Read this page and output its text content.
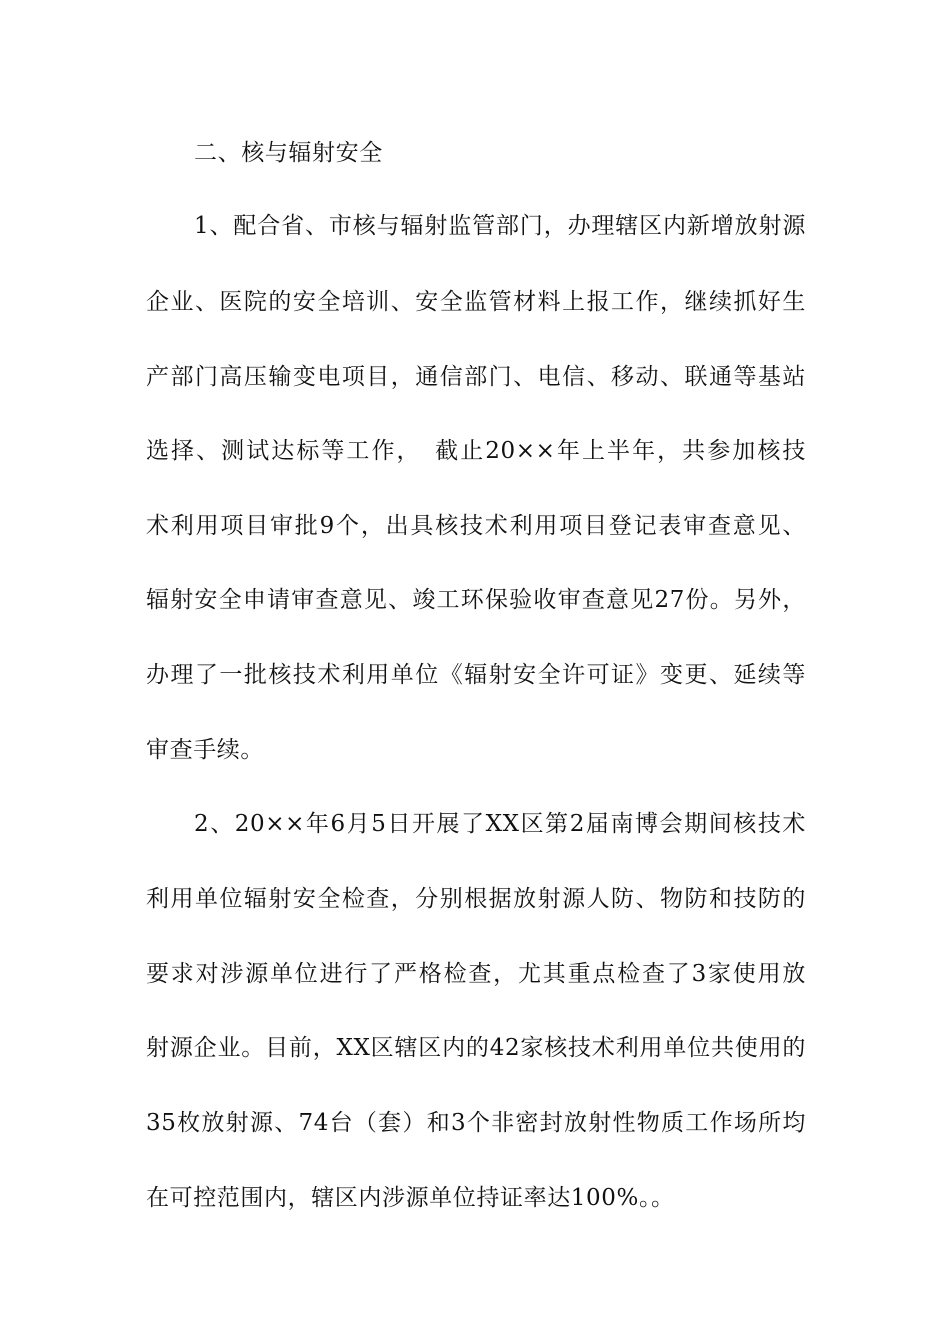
二、核与辐射安全
1、配合省、市核与辐射监管部门，办理辖区内新增放射源
企业、医院的安全培训、安全监管材料上报工作，继续抓好生
产部门高压输变电项目，通信部门、电信、移动、联通等基站
选择、测试达标等工作，　截止20××年上半年，共参加核技
术利用项目审批9个，出具核技术利用项目登记表审查意见、
辐射安全申请审查意见、竣工环保验收审查意见27份。另外，
办理了一批核技术利用单位《辐射安全许可证》变更、延续等
审查手续。
2、20××年6月5日开展了XX区第2届南博会期间核技术
利用单位辐射安全检查，分别根据放射源人防、物防和技防的
要求对涉源单位进行了严格检查，尤其重点检查了3家使用放
射源企业。目前，XX区辖区内的42家核技术利用单位共使用的
35枚放射源、74台（套）和3个非密封放射性物质工作场所均
在可控范围内，辖区内涉源单位持证率达100%。。
